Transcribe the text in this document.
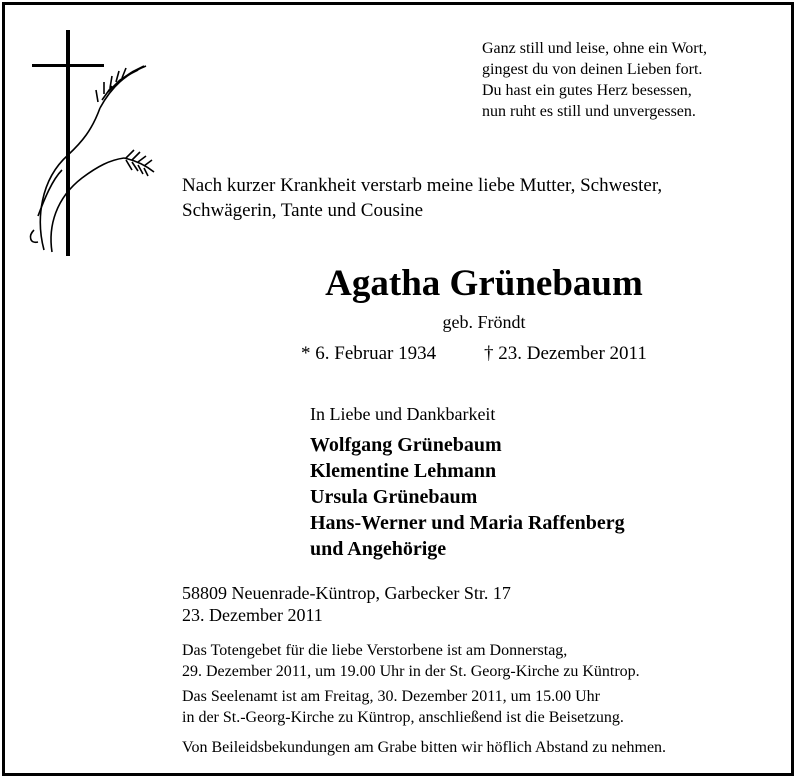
Ganz still und leise, ohne ein Wort,
gingest du von deinen Lieben fort.
Du hast ein gutes Herz besessen,
nun ruht es still und unvergessen.
Nach kurzer Krankheit verstarb meine liebe Mutter, Schwester,
Schwägerin, Tante und Cousine
Agatha Grünebaum
geb. Fröndt
* 6. Februar 1934	† 23. Dezember 2011
In Liebe und Dankbarkeit
Wolfgang Grünebaum
Klementine Lehmann
Ursula Grünebaum
Hans-Werner und Maria Raffenberg
und Angehörige
58809 Neuenrade-Küntrop, Garbecker Str. 17
23. Dezember 2011
Das Totengebet für die liebe Verstorbene ist am Donnerstag,
29. Dezember 2011, um 19.00 Uhr in der St. Georg-Kirche zu Küntrop.
Das Seelenamt ist am Freitag, 30. Dezember 2011, um 15.00 Uhr
in der St.-Georg-Kirche zu Küntrop, anschließend ist die Beisetzung.
Von Beileidsbekundungen am Grabe bitten wir höflich Abstand zu nehmen.
